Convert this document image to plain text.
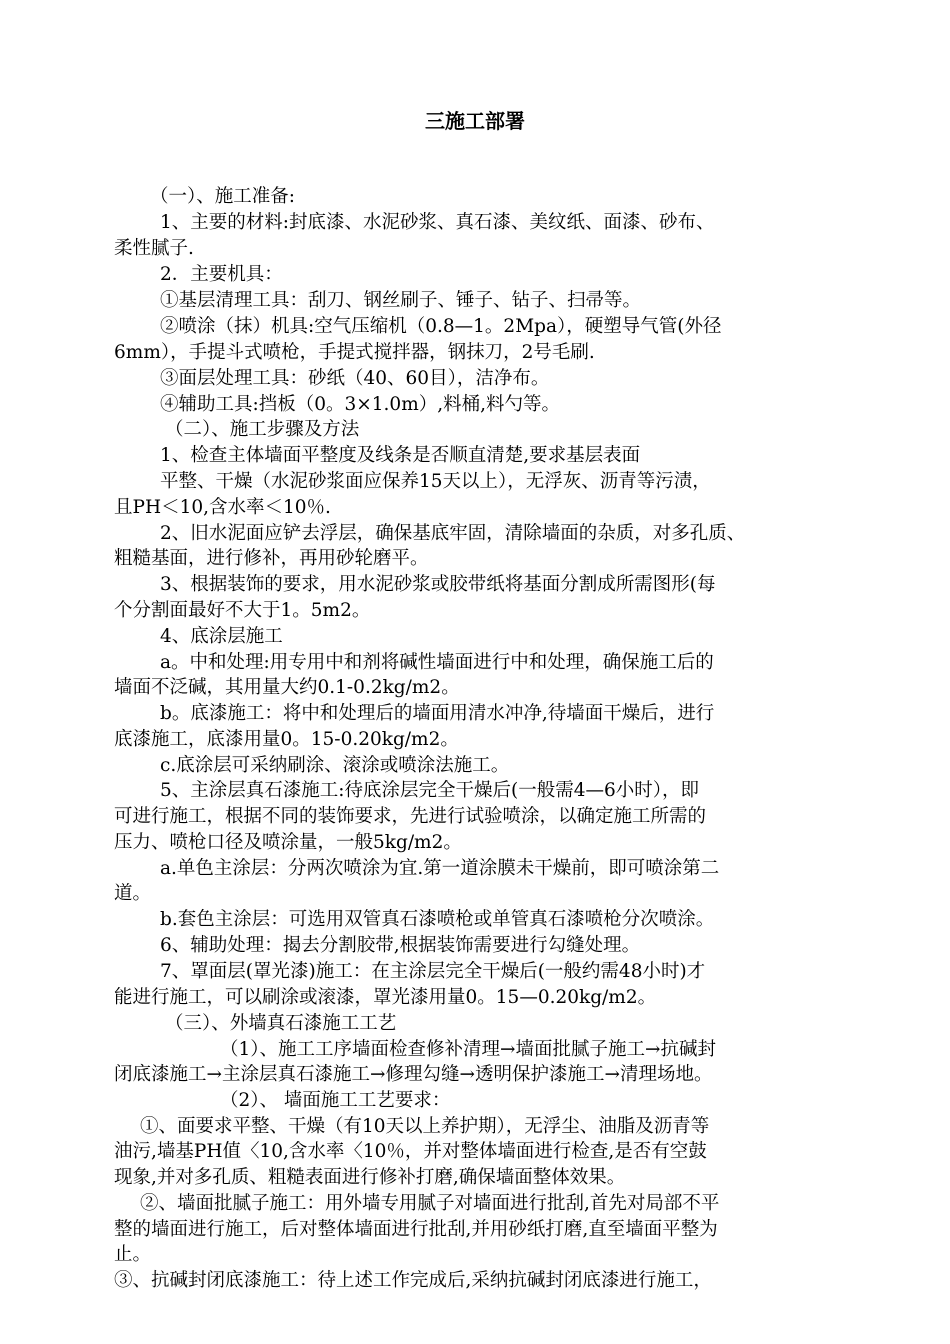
三施工部署
（一）、施工准备:
1、主要的材料:封底漆、水泥砂浆、真石漆、美纹纸、面漆、砂布、
柔性腻子.
2．主要机具：
①基层清理工具：刮刀、钢丝刷子、锤子、钻子、扫帚等。
②喷涂（抹）机具:空气压缩机（0.8—1。2Mpa），硬塑导气管(外径
6mm），手提斗式喷枪，手提式搅拌器，钢抹刀，2号毛刷.
③面层处理工具：砂纸（40、60目），洁净布。
④辅助工具:挡板（0。3×1.0m）,料桶,料勺等。
（二）、施工步骤及方法
1、检查主体墙面平整度及线条是否顺直清楚,要求基层表面
平整、干燥（水泥砂浆面应保养15天以上），无浮灰、沥青等污渍，
且PH＜10,含水率＜10％.
2、旧水泥面应铲去浮层，确保基底牢固，清除墙面的杂质，对多孔质、
粗糙基面，进行修补，再用砂轮磨平。
3、根据装饰的要求，用水泥砂浆或胶带纸将基面分割成所需图形(每
个分割面最好不大于1。5m2。
4、底涂层施工
a。中和处理:用专用中和剂将碱性墙面进行中和处理，确保施工后的
墙面不泛碱，其用量大约0.1-0.2kg/m2。
b。底漆施工：将中和处理后的墙面用清水冲净,待墙面干燥后，进行
底漆施工，底漆用量0。15-0.20kg/m2。
c.底涂层可采纳刷涂、滚涂或喷涂法施工。
5、主涂层真石漆施工:待底涂层完全干燥后(一般需4—6小时），即
可进行施工，根据不同的装饰要求，先进行试验喷涂，以确定施工所需的
压力、喷枪口径及喷涂量，一般5kg/m2。
a.单色主涂层：分两次喷涂为宜.第一道涂膜未干燥前，即可喷涂第二
道。
b.套色主涂层：可选用双管真石漆喷枪或单管真石漆喷枪分次喷涂。
6、辅助处理：揭去分割胶带,根据装饰需要进行勾缝处理。
7、罩面层(罩光漆)施工：在主涂层完全干燥后(一般约需48小时)才
能进行施工，可以刷涂或滚漆，罩光漆用量0。15—0.20kg/m2。
（三）、外墙真石漆施工工艺
（1）、施工工序墙面检查修补清理→墙面批腻子施工→抗碱封
闭底漆施工→主涂层真石漆施工→修理勾缝→透明保护漆施工→清理场地。
（2）、 墙面施工工艺要求：
①、面要求平整、干燥（有10天以上养护期），无浮尘、油脂及沥青等
油污,墙基PH值〈10,含水率〈10％，并对整体墙面进行检查,是否有空鼓
现象,并对多孔质、粗糙表面进行修补打磨,确保墙面整体效果。
②、墙面批腻子施工：用外墙专用腻子对墙面进行批刮,首先对局部不平
整的墙面进行施工，后对整体墙面进行批刮,并用砂纸打磨,直至墙面平整为
止。
③、抗碱封闭底漆施工：待上述工作完成后,采纳抗碱封闭底漆进行施工，
